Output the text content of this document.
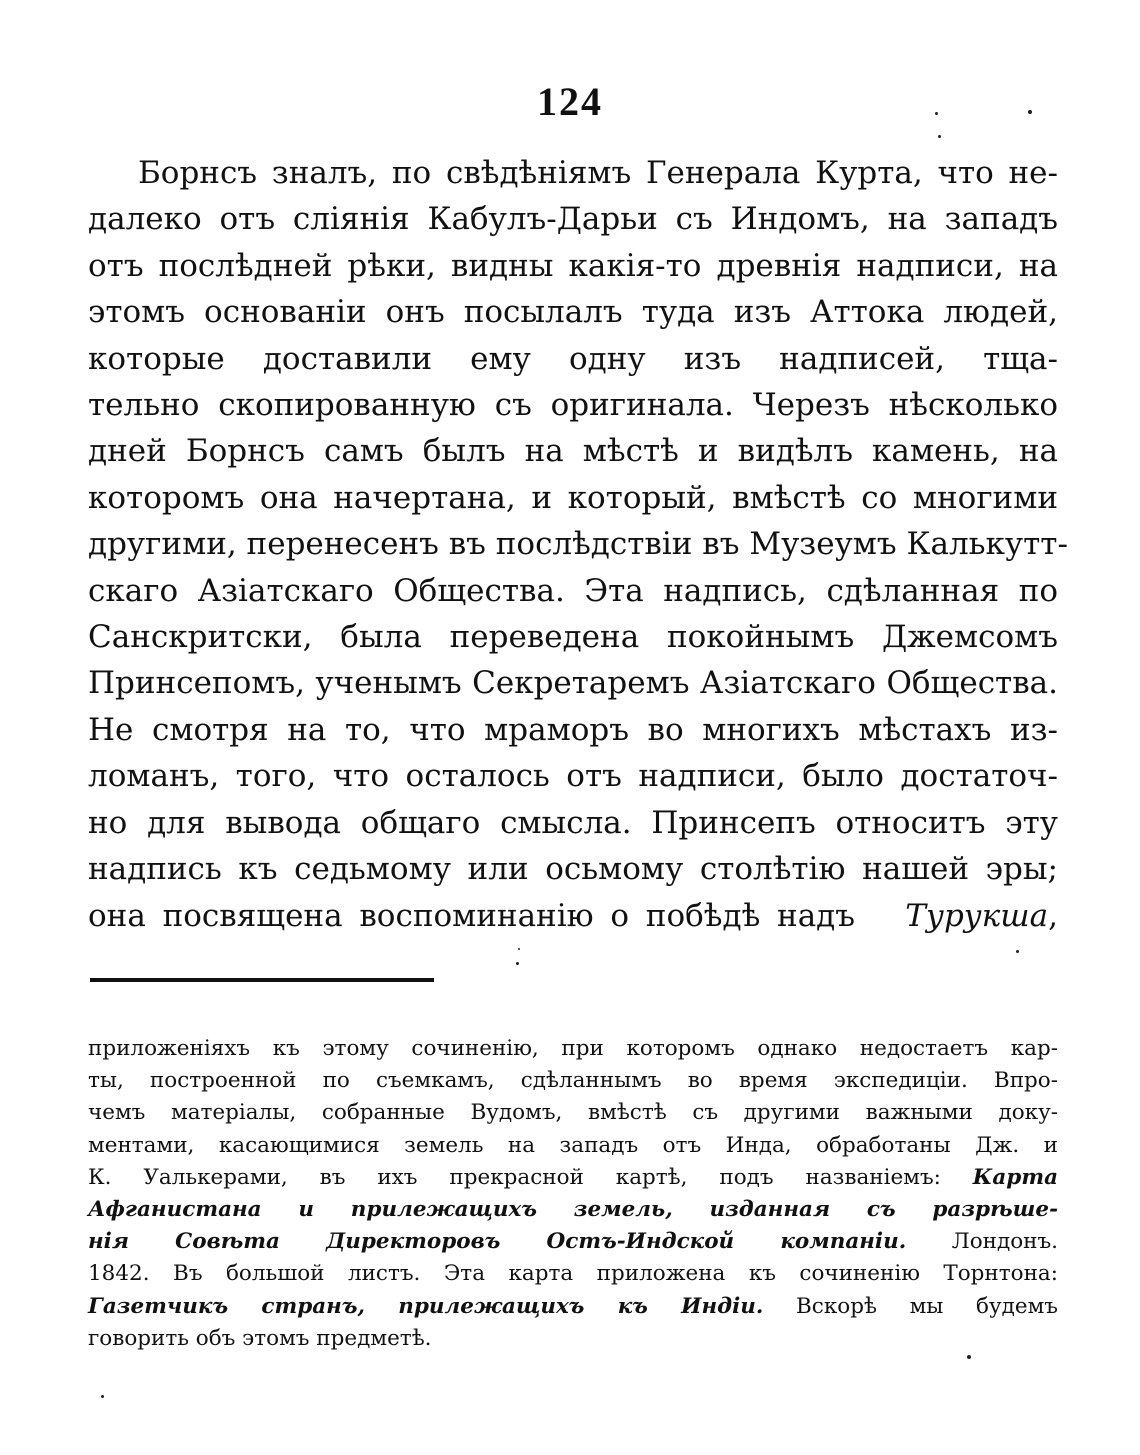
124
Борнсъ зналъ, по свѣдѣніямъ Генерала Курта, что не-
далеко отъ сліянія Кабулъ-Дарьи съ Индомъ, на западъ
отъ послѣдней рѣки, видны какія-то древнія надписи, на
этомъ основаніи онъ посылалъ туда изъ Аттока людей,
которые доставили ему одну изъ надписей, тща-
тельно скопированную съ оригинала. Черезъ нѣсколько
дней Борнсъ самъ былъ на мѣстѣ и видѣлъ камень, на
которомъ она начертана, и который, вмѣстѣ со многими
другими, перенесенъ въ послѣдствіи въ Музеумъ Калькутт-
скаго Азіатскаго Общества. Эта надпись, сдѣланная по
Санскритски, была переведена покойнымъ Джемсомъ
Принсепомъ, ученымъ Секретаремъ Азіатскаго Общества.
Не смотря на то, что мраморъ во многихъ мѣстахъ из-
ломанъ, того, что осталось отъ надписи, было достаточ-
но для вывода общаго смысла. Принсепъ относитъ эту
надпись къ седьмому или осьмому столѣтію нашей эры;
она посвящена воспоминанію о побѣдѣ надъ Турукша,
приложеніяхъ къ этому сочиненію, при которомъ однако недостаетъ кар-
ты, построенной по съемкамъ, сдѣланнымъ во время экспедиціи. Впро-
чемъ матеріалы, собранные Вудомъ, вмѣстѣ съ другими важными доку-
ментами, касающимися земель на западъ отъ Инда, обработаны Дж. и
К. Уалькерами, въ ихъ прекрасной картѣ, подъ названіемъ: Карта
Афганистана и прилежащихъ земель, изданная съ разрѣше-
нія Совѣта Директоровъ Остъ-Индской компаніи. Лондонъ.
1842. Въ большой листъ. Эта карта приложена къ сочиненію Торнтона:
Газетчикъ странъ, прилежащихъ къ Индіи. Вскорѣ мы будемъ
говорить объ этомъ предметѣ.
